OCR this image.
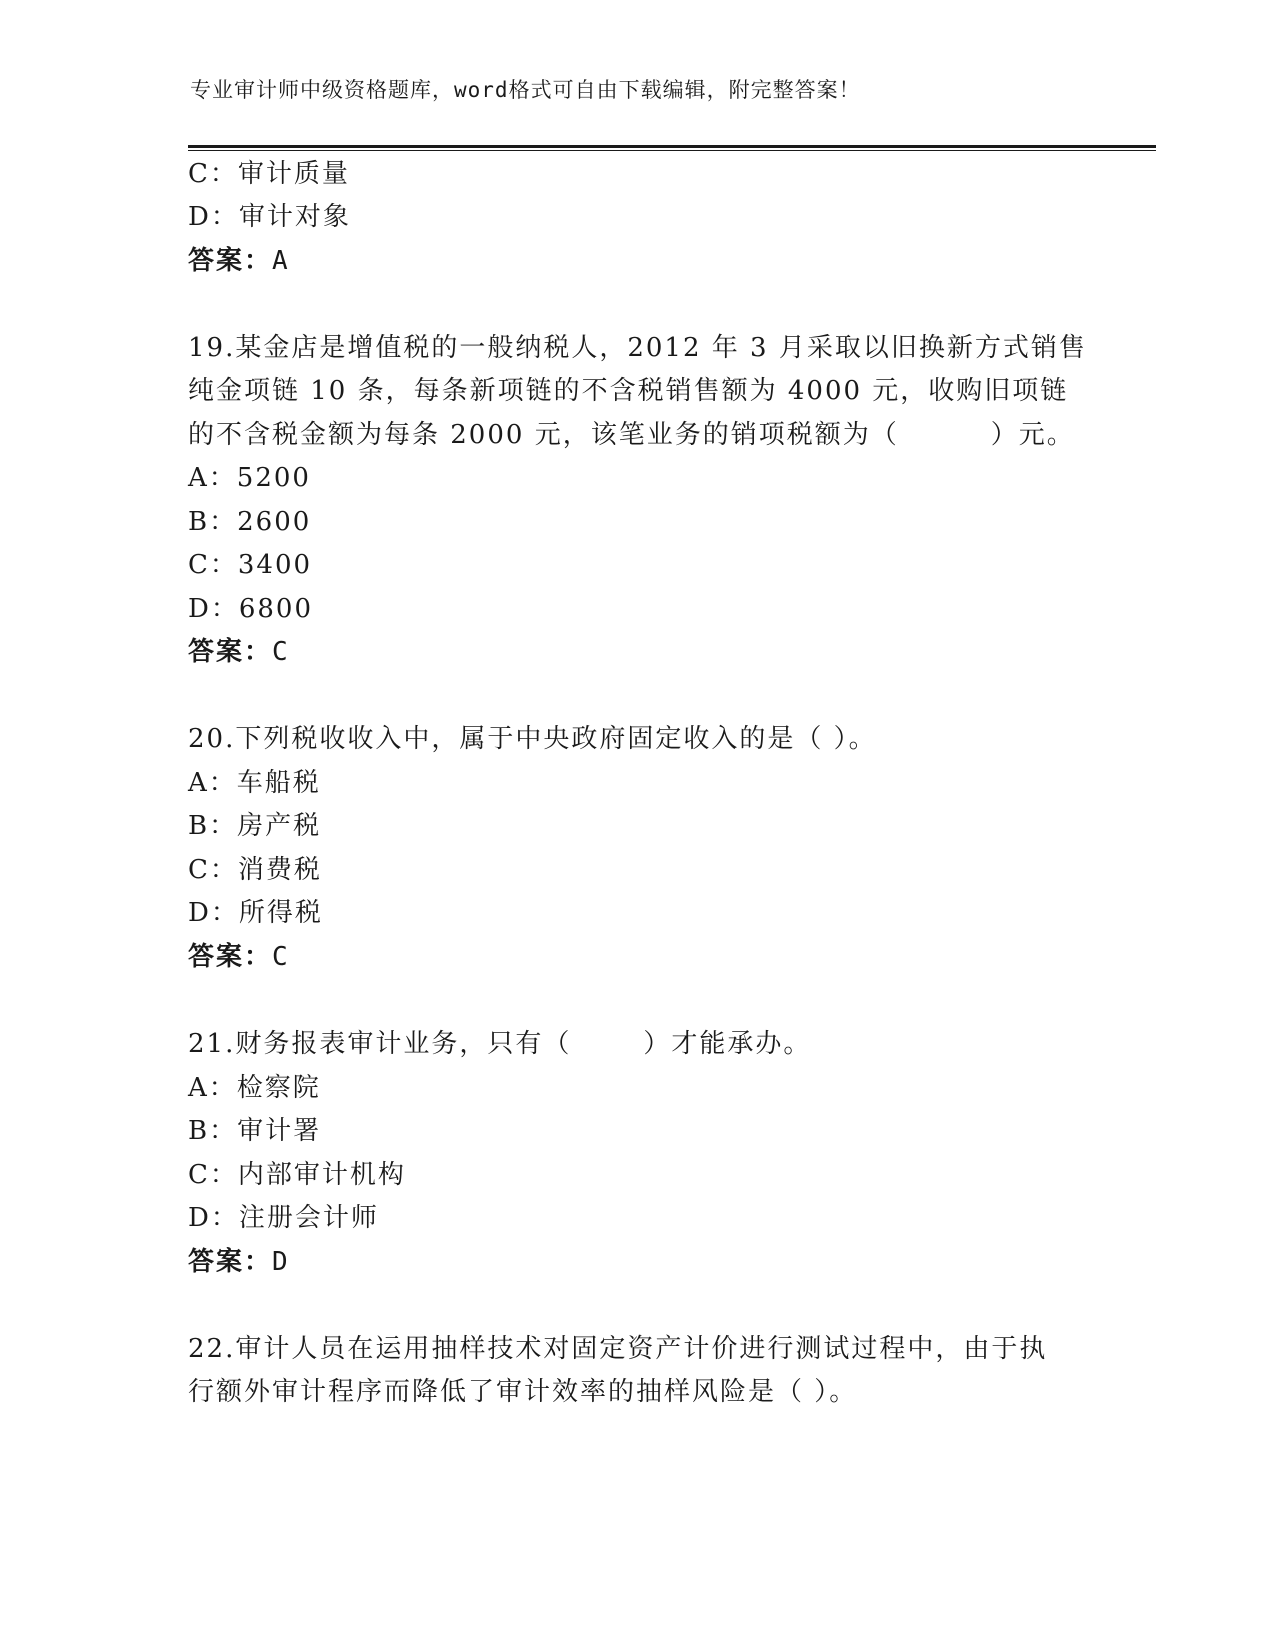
专业审计师中级资格题库，word格式可自由下载编辑，附完整答案！
C：审计质量
D：审计对象
答案：A
19.某金店是增值税的一般纳税人，2012 年 3 月采取以旧换新方式销售
纯金项链 10 条，每条新项链的不含税销售额为 4000 元，收购旧项链
的不含税金额为每条 2000 元，该笔业务的销项税额为（	）元。
A：5200
B：2600
C：3400
D：6800
答案：C
20.下列税收收入中，属于中央政府固定收入的是（ ）。
A：车船税
B：房产税
C：消费税
D：所得税
答案：C
21.财务报表审计业务，只有（	）才能承办。
A：检察院
B：审计署
C：内部审计机构
D：注册会计师
答案：D
22.审计人员在运用抽样技术对固定资产计价进行测试过程中，由于执
行额外审计程序而降低了审计效率的抽样风险是（ ）。
